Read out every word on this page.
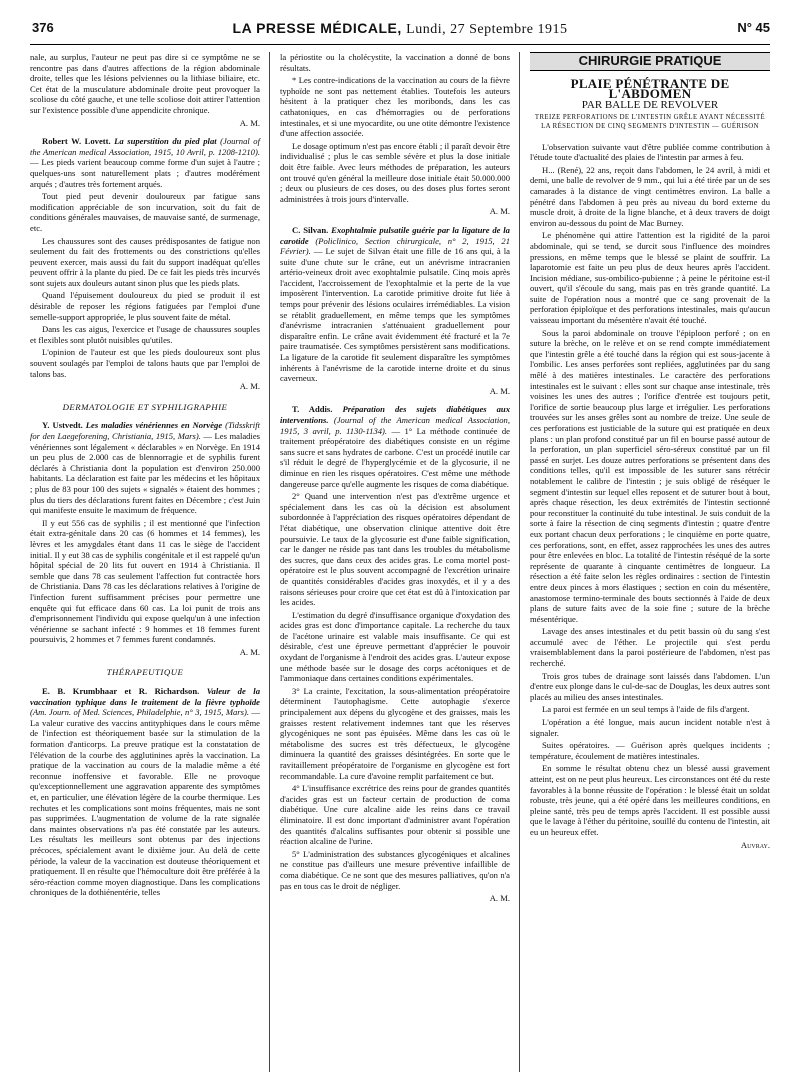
376	LA PRESSE MÉDICALE, Lundi, 27 Septembre 1915	N° 45

nale, au surplus, l'auteur ne peut pas dire si ce symptôme ne se rencontre pas dans d'autres affections de la région abdominale droite, telles que les lésions pelviennes ou la lithiase biliaire, etc. Cet état de la musculature abdominale droite peut provoquer la scoliose du côté gauche, et une telle scoliose doit attirer l'attention sur l'existence possible d'une appendicite chronique.

A. M.

Robert W. Lovett. La superstition du pied plat (Journal of the American medical Association, 1915, 10 Avril, p. 1208-1210). — Les pieds varient beaucoup comme forme d'un sujet à l'autre ; quelques-uns sont naturellement plats ; d'autres modérément arqués ; d'autres très fortement arqués.

Tout pied peut devenir douloureux par fatigue sans modification appréciable de son incurvation, soit du fait de conditions générales mauvaises, de mauvaise santé, de surmenage, etc.

Les chaussures sont des causes prédisposantes de fatigue non seulement du fait des frottements ou des constrictions qu'elles peuvent exercer, mais aussi du fait du support inadéquat qu'elles peuvent offrir à la plante du pied. De ce fait les pieds très incurvés sont sujets aux douleurs autant sinon plus que les pieds plats.

Quand l'épuisement douloureux du pied se produit il est désirable de reposer les régions fatiguées par l'emploi d'une semelle-support appropriée, le plus souvent faite de métal.

Dans les cas aigus, l'exercice et l'usage de chaussures souples et flexibles sont plutôt nuisibles qu'utiles.

L'opinion de l'auteur est que les pieds douloureux sont plus souvent soulagés par l'emploi de talons hauts que par l'emploi de talons bas.

A. M.

DERMATOLOGIE ET SYPHILIGRAPHIE

Y. Ustvedt. Les maladies vénériennes en Norvège (Tidsskrift for den Laegeforening, Christiania, 1915, Mars). — Les maladies vénériennes sont légalement « déclarables » en Norvège. En 1914 un peu plus de 2.000 cas de blennorragie et de syphilis furent déclarés à Christiania dont la population est d'environ 250.000 habitants. La déclaration est faite par les médecins et les hôpitaux ; plus de 83 pour 100 des sujets « signalés » étaient des hommes ; plus du tiers des déclarations furent faites en Décembre ; c'est Juin qui manifeste ensuite le maximum de fréquence.

Il y eut 556 cas de syphilis ; il est mentionné que l'infection était extra-génitale dans 20 cas (6 hommes et 14 femmes), les lèvres et les amygdales étant dans 11 cas le siège de l'accident initial. Il y eut 38 cas de syphilis congénitale et il est rappelé qu'un hôpital spécial de 20 lits fut ouvert en 1914 à Christiania. Il semble que dans 78 cas seulement l'affection fut contractée hors de Christiania. Dans 78 cas les déclarations relatives à l'origine de l'infection furent suffisamment précises pour permettre une enquête qui fut efficace dans 60 cas. La loi punit de trois ans d'emprisonnement l'individu qui expose quelqu'un à une infection vénérienne se sachant infecté : 9 hommes et 18 femmes furent poursuivis, 2 hommes et 7 femmes furent condamnés.

A. M.

THÉRAPEUTIQUE

E. B. Krumbhaar et R. Richardson. Valeur de la vaccination typhique dans le traitement de la fièvre typhoïde (Am. Journ. of Med. Sciences, Philadelphie, n° 3, 1915, Mars). — La valeur curative des vaccins antityphiques dans le cours même de l'infection est théoriquement basée sur la stimulation de la formation d'anticorps. La preuve pratique est la constatation de l'élévation de la courbe des agglutinines après la vaccination. La pratique de la vaccination au cours de la maladie même a été reconnue inoffensive et favorable. Elle ne provoque qu'exceptionnellement une aggravation apparente des symptômes et, en particulier, une élévation légère de la courbe thermique. Les rechutes et les complications sont moins fréquentes, mais ne sont pas supprimées. L'augmentation de volume de la rate signalée dans maintes observations n'a pas été constatée par les auteurs. Les résultats les meilleurs sont obtenus par des injections précoces, spécialement avant le dixième jour. Au delà de cette période, la valeur de la vaccination est douteuse théoriquement et pratiquement. Il en résulte que l'hémoculture doit être préférée à la séro-réaction comme moyen diagnostique. Dans les complications chroniques de la dothiénentérie, telles

la périostite ou la cholécystite, la vaccination a donné de bons résultats.

* Les contre-indications de la vaccination au cours de la fièvre typhoïde ne sont pas nettement établies. Toutefois les auteurs hésitent à la pratiquer chez les moribonds, dans les cas cathatoniques, en cas d'hémorragies ou de perforations intestinales, et si une myocardite, ou une otite démontre l'existence d'une affection associée.

Le dosage optimum n'est pas encore établi ; il paraît devoir être individualisé ; plus le cas semble sévère et plus la dose initiale doit être faible. Avec leurs méthodes de préparation, les auteurs ont trouvé qu'en général la meilleure dose initiale était 50.000.000 ; deux ou plusieurs de ces doses, ou des doses plus fortes seront administrées à trois jours d'intervalle.

A. M.

C. Silvan. Exophtalmie pulsatile guérie par la ligature de la carotide (Policlinico, Section chirurgicale, n° 2, 1915, 21 Février). — Le sujet de Silvan était une fille de 16 ans qui, à la suite d'une chute sur le crâne, eut un anévrisme intracranien artério-veineux droit avec exophtalmie pulsatile. Cinq mois après l'accident, l'accroissement de l'exophtalmie et la perte de la vue imposèrent l'intervention. La carotide primitive droite fut liée à temps pour prévenir des lésions oculaires irrémédiables. La vision se rétablit graduellement, en même temps que les symptômes d'anévrisme intracranien s'atténuaient graduellement pour disparaître enfin. Le crâne avait évidemment été fracturé et la 7e paire traumatisée. Ces symptômes persistèrent sans modifications. La ligature de la carotide fit seulement disparaître les symptômes inhérents à l'anévrisme de la carotide interne droite et du sinus caverneux.

A. M.

T. Addis. Préparation des sujets diabétiques aux interventions. (Journal of the American medical Association, 1915, 3 avril, p. 1130-1134). — 1° La méthode continuée de traitement préopératoire des diabétiques consiste en un régime sans sucre et sans hydrates de carbone. C'est un procédé inutile car s'il réduit le degré de l'hyperglycémie et de la glycosurie, il ne diminue en rien les risques opératoires. C'est même une méthode dangereuse parce qu'elle augmente les risques de coma diabétique.

2° Quand une intervention n'est pas d'extrême urgence et spécialement dans les cas où la décision est absolument subordonnée à l'appréciation des risques opératoires dépendant de l'état diabétique, une observation clinique attentive doit être poursuivie. Le taux de la glycosurie est d'une faible signification, car le danger ne réside pas tant dans les troubles du métabolisme des sucres, que dans ceux des acides gras. Le coma mortel post-opératoire est le plus souvent accompagné de l'excrétion urinaire de quantités considérables d'acides gras inoxydés, et il y a des raisons sérieuses pour croire que cet état est dû à l'intoxication par les acides.

L'estimation du degré d'insuffisance organique d'oxydation des acides gras est donc d'importance capitale. La recherche du taux de l'acétone urinaire est valable mais insuffisante. Ce qui est désirable, c'est une épreuve permettant d'apprécier le pouvoir oxydant de l'organisme à l'endroit des acides gras. L'auteur expose une méthode basée sur le dosage des corps acétoniques et de l'ammoniaque dans certaines conditions expérimentales.

3° La crainte, l'excitation, la sous-alimentation préopératoire déterminent l'autophagisme. Cette autophagie s'exerce principalement aux dépens du glycogène et des graisses, mais les graisses restent relativement indemnes tant que les réserves glycogéniques ne sont pas épuisées. Même dans les cas où le métabolisme des sucres est très défectueux, le glycogène diminuera la quantité des graisses désintégrées. En sorte que le ravitaillement préopératoire de l'organisme en glycogène est fort recommandable. La cure d'avoine remplit parfaitement ce but.

4° L'insuffisance excrétrice des reins pour de grandes quantités d'acides gras est un facteur certain de production de coma diabétique. Une cure alcaline aide les reins dans ce travail éliminatoire. Il est donc important d'administrer avant l'opération des quantités d'alcalins suffisantes pour obtenir si possible une réaction alcaline de l'urine.

5° L'administration des substances glycogéniques et alcalines ne constitue pas d'ailleurs une mesure préventive infaillible de coma diabétique. Ce ne sont que des mesures palliatives, qu'on n'a pas en tous cas le droit de négliger.

A. M.

CHIRURGIE PRATIQUE
PLAIE PÉNÉTRANTE DE L'ABDOMEN
PAR BALLE DE REVOLVER
TREIZE PERFORATIONS DE L'INTESTIN GRÊLE AYANT NÉCESSITÉ LA RÉSECTION DE CINQ SEGMENTS D'INTESTIN — GUÉRISON

L'observation suivante vaut d'être publiée comme contribution à l'étude toute d'actualité des plaies de l'intestin par armes à feu.

H... (René), 22 ans, reçoit dans l'abdomen, le 24 avril, à midi et demi, une balle de revolver de 9 mm., qui lui a été tirée par un de ses camarades à la distance de vingt centimètres environ. La balle a pénétré dans l'abdomen à peu près au niveau du bord externe du muscle droit, à droite de la ligne blanche, et à deux travers de doigt environ au-dessous du point de Mac Burney.

Le phénomène qui attire l'attention est la rigidité de la paroi abdominale, qui se tend, se durcit sous l'influence des moindres pressions, en même temps que le blessé se plaint de souffrir. La laparotomie est faite un peu plus de deux heures après l'accident. Incision médiane, sus-ombilico-pubienne ; à peine le péritoine est-il ouvert, qu'il s'écoule du sang, mais pas en très grande quantité. La suite de l'opération nous a montré que ce sang provenait de la perforation épiploïque et des perforations intestinales, mais qu'aucun vaisseau important du mésentère n'avait été touché.

Sous la paroi abdominale on trouve l'épiploon perforé ; on en suture la brèche, on le relève et on se rend compte immédiatement que l'intestin grêle a été touché dans la région qui est sous-jacente à l'ombilic. Les anses perforées sont repliées, agglutinées par du sang mêlé à des matières intestinales. Le caractère des perforations intestinales est le suivant : elles sont sur chaque anse intestinale, très voisines les unes des autres ; l'orifice d'entrée est toujours petit, l'orifice de sortie beaucoup plus large et irrégulier. Les perforations trouvées sur les anses grêles sont au nombre de treize. Une seule de ces perforations est justiciable de la suture qui est pratiquée en deux plans : un plan profond constitué par un fil en bourse passé autour de la perforation, un plan superficiel séro-séreux constitué par un fil passé en surjet. Les douze autres perforations se présentent dans des conditions telles, qu'il est impossible de les suturer sans rétrécir notablement le calibre de l'intestin ; je suis obligé de réséquer le segment d'intestin sur lequel elles reposent et de suturer bout à bout, après chaque résection, les deux extrémités de l'intestin sectionné pour reconstituer la continuité du tube intestinal. Je suis conduit de la sorte à faire la résection de cinq segments d'intestin ; quatre d'entre eux portant chacun deux perforations ; le cinquième en porte quatre, ces perforations, sont, en effet, assez rapprochées les unes des autres pour être enlevées en bloc. La totalité de l'intestin réséqué de la sorte représente de quarante à cinquante centimètres de longueur. La résection a été faite selon les règles ordinaires : section de l'intestin entre deux pinces à mors élastiques ; section en coin du mésentère, anastomose termino-terminale des bouts sectionnés à l'aide de deux plans de suture faits avec de la soie fine ; suture de la brèche mésentérique.

Lavage des anses intestinales et du petit bassin où du sang s'est accumulé avec de l'éther. Le projectile qui s'est perdu vraisemblablement dans la paroi postérieure de l'abdomen, n'est pas recherché.

Trois gros tubes de drainage sont laissés dans l'abdomen. L'un d'entre eux plonge dans le cul-de-sac de Douglas, les deux autres sont placés au milieu des anses intestinales.

La paroi est fermée en un seul temps à l'aide de fils d'argent.

L'opération a été longue, mais aucun incident notable n'est à signaler.

Suites opératoires. — Guérison après quelques incidents ; température, écoulement de matières intestinales.

En somme le résultat obtenu chez un blessé aussi gravement atteint, est on ne peut plus heureux. Les circonstances ont été du reste favorables à la bonne réussite de l'opération : le blessé était un soldat robuste, très jeune, qui a été opéré dans les meilleures conditions, en pleine santé, très peu de temps après l'accident. Il est possible aussi que le lavage à l'éther du péritoine, souillé du contenu de l'intestin, ait eu un heureux effet.

Auvray.
